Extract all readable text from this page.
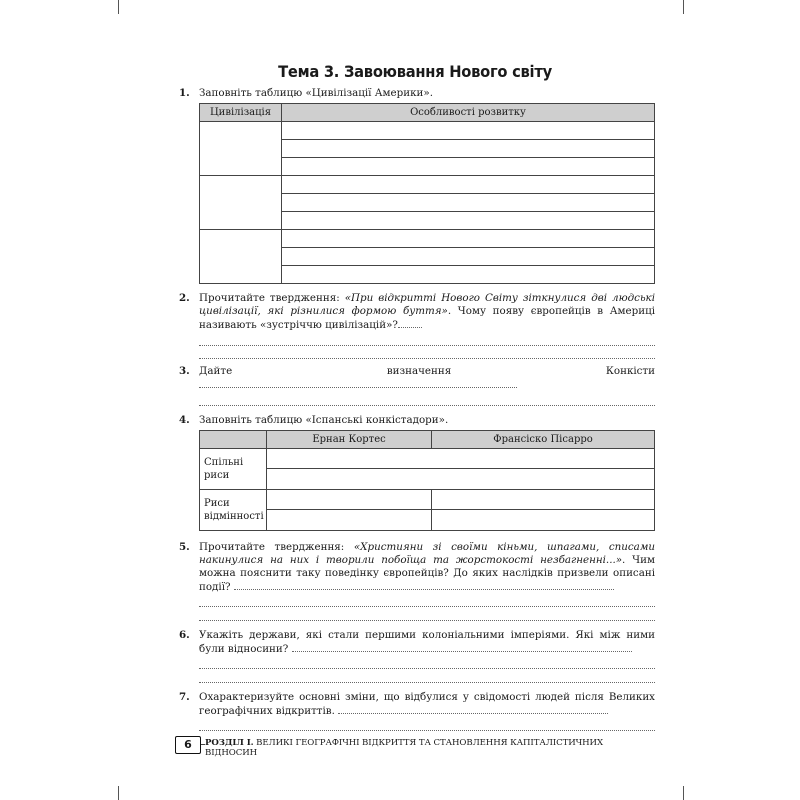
Тема 3. Завоювання Нового світу
1. Заповніть таблицю «Цивілізації Америки».

Цивілізація	Особливості розвитку

2. Прочитайте твердження: «При відкритті Нового Світу зіткнулися дві людські цивілізації, які різнилися формою буття». Чому появу європейців в Америці називають «зустріччю цивілізацій»?

3. Дайте визначення Конкісти

4. Заповніть таблицю «Іспанські конкістадори».

	Ернан Кортес	Франсіско Пісарро
Спільні риси		

Риси відмінності		

5. Прочитайте твердження: «Християни зі своїми кіньми, шпагами, списами накинулися на них і творили побоїща та жорстокості незбагненні...». Чим можна пояснити таку поведінку європейців? До яких наслідків призвели описані події?

6. Укажіть держави, які стали першими колоніальними імперіями. Які між ними були відносини?

7. Охарактеризуйте основні зміни, що відбулися у свідомості людей після Великих географічних відкриттів.

6	РОЗДІЛ І. ВЕЛИКІ ГЕОГРАФІЧНІ ВІДКРИТТЯ ТА СТАНОВЛЕННЯ КАПІТАЛІСТИЧНИХ ВІДНОСИН
